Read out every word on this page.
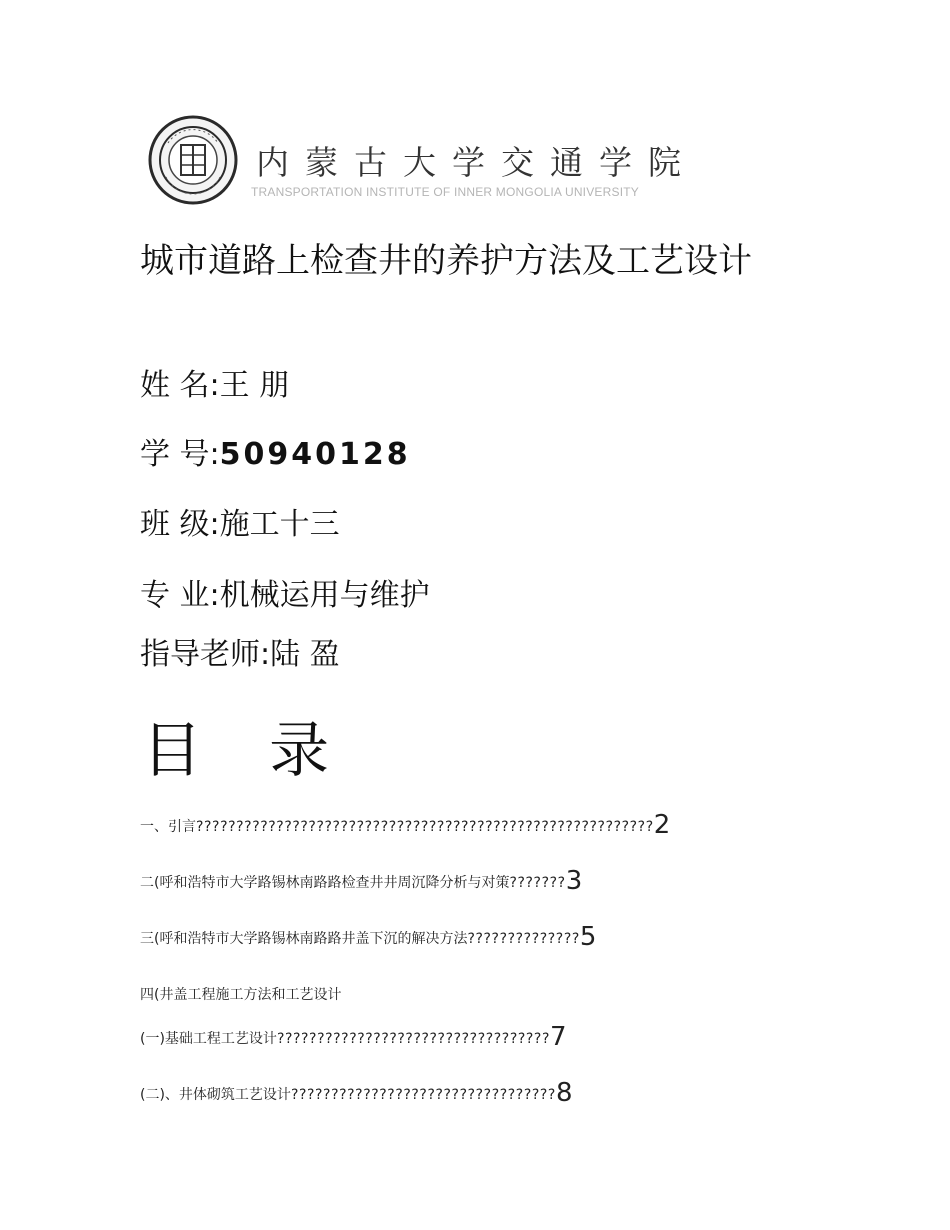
内蒙古大学交通学院
TRANSPORTATION INSTITUTE OF INNER MONGOLIA UNIVERSITY
城市道路上检查井的养护方法及工艺设计
姓 名:王 朋
学 号:50940128
班 级:施工十三
专 业:机械运用与维护
指导老师:陆 盈
目 录
一、引言?????????????????????????????????????????????????????????2
二(呼和浩特市大学路锡林南路路检查井井周沉降分析与对策???????3
三(呼和浩特市大学路锡林南路路井盖下沉的解决方法??????????????5
四(井盖工程施工方法和工艺设计
(一)基础工程工艺设计??????????????????????????????????7
(二)、井体砌筑工艺设计?????????????????????????????????8
